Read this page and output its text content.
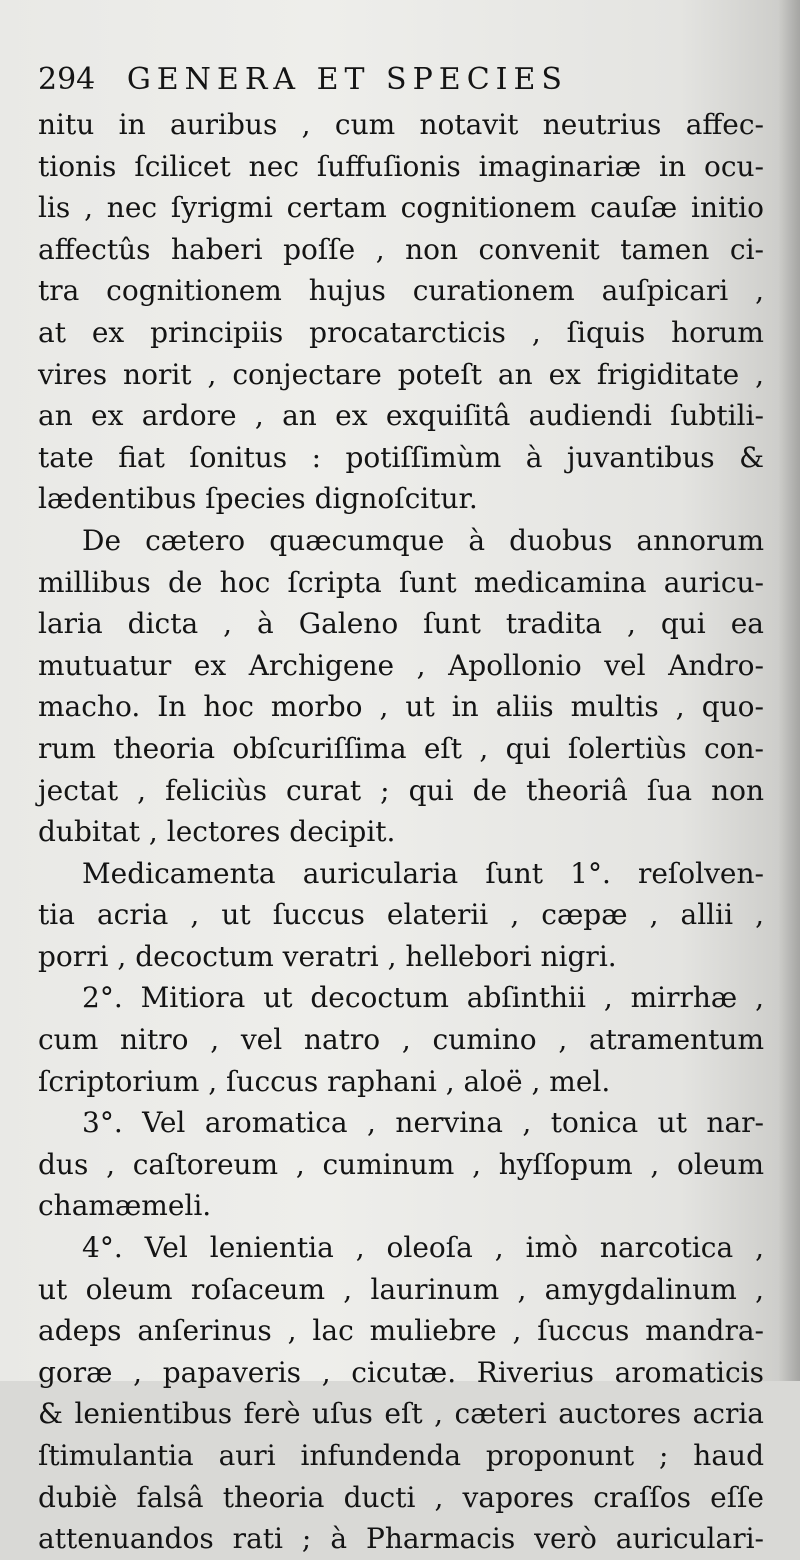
294 GENERA ET SPECIES
nitu in auribus , cum notavit neutrius affec-
tionis ſcilicet nec ſuffuſionis imaginariæ in ocu-
lis , nec ſyrigmi certam cognitionem cauſæ initio
affectûs haberi poſſe , non convenit tamen ci-
tra cognitionem hujus curationem auſpicari ,
at ex principiis procatarcticis , ſiquis horum
vires norit , conjectare poteſt an ex frigiditate ,
an ex ardore , an ex exquiſitâ audiendi ſubtili-
tate fiat ſonitus : potiſſimùm à juvantibus &
lædentibus ſpecies dignoſcitur.
De cætero quæcumque à duobus annorum
millibus de hoc ſcripta ſunt medicamina auricu-
laria dicta , à Galeno ſunt tradita , qui ea
mutuatur ex Archigene , Apollonio vel Andro-
macho. In hoc morbo , ut in aliis multis , quo-
rum theoria obſcuriſſima eſt , qui ſolertiùs con-
jectat , feliciùs curat ; qui de theoriâ ſua non
dubitat , lectores decipit.
Medicamenta auricularia ſunt 1°. reſolven-
tia acria , ut ſuccus elaterii , cæpæ , allii ,
porri , decoctum veratri , hellebori nigri.
2°. Mitiora ut decoctum abſinthii , mirrhæ ,
cum nitro , vel natro , cumino , atramentum
ſcriptorium , ſuccus raphani , aloë , mel.
3°. Vel aromatica , nervina , tonica ut nar-
dus , caſtoreum , cuminum , hyſſopum , oleum
chamæmeli.
4°. Vel lenientia , oleoſa , imò narcotica ,
ut oleum roſaceum , laurinum , amygdalinum ,
adeps anſerinus , lac muliebre , ſuccus mandra-
goræ , papaveris , cicutæ. Riverius aromaticis
& lenientibus ferè uſus eſt , cæteri auctores acria
ſtimulantia auri infundenda proponunt ; haud
dubiè falsâ theoria ducti , vapores craſſos eſſe
attenuandos rati ; à Pharmacis verò auriculari-
